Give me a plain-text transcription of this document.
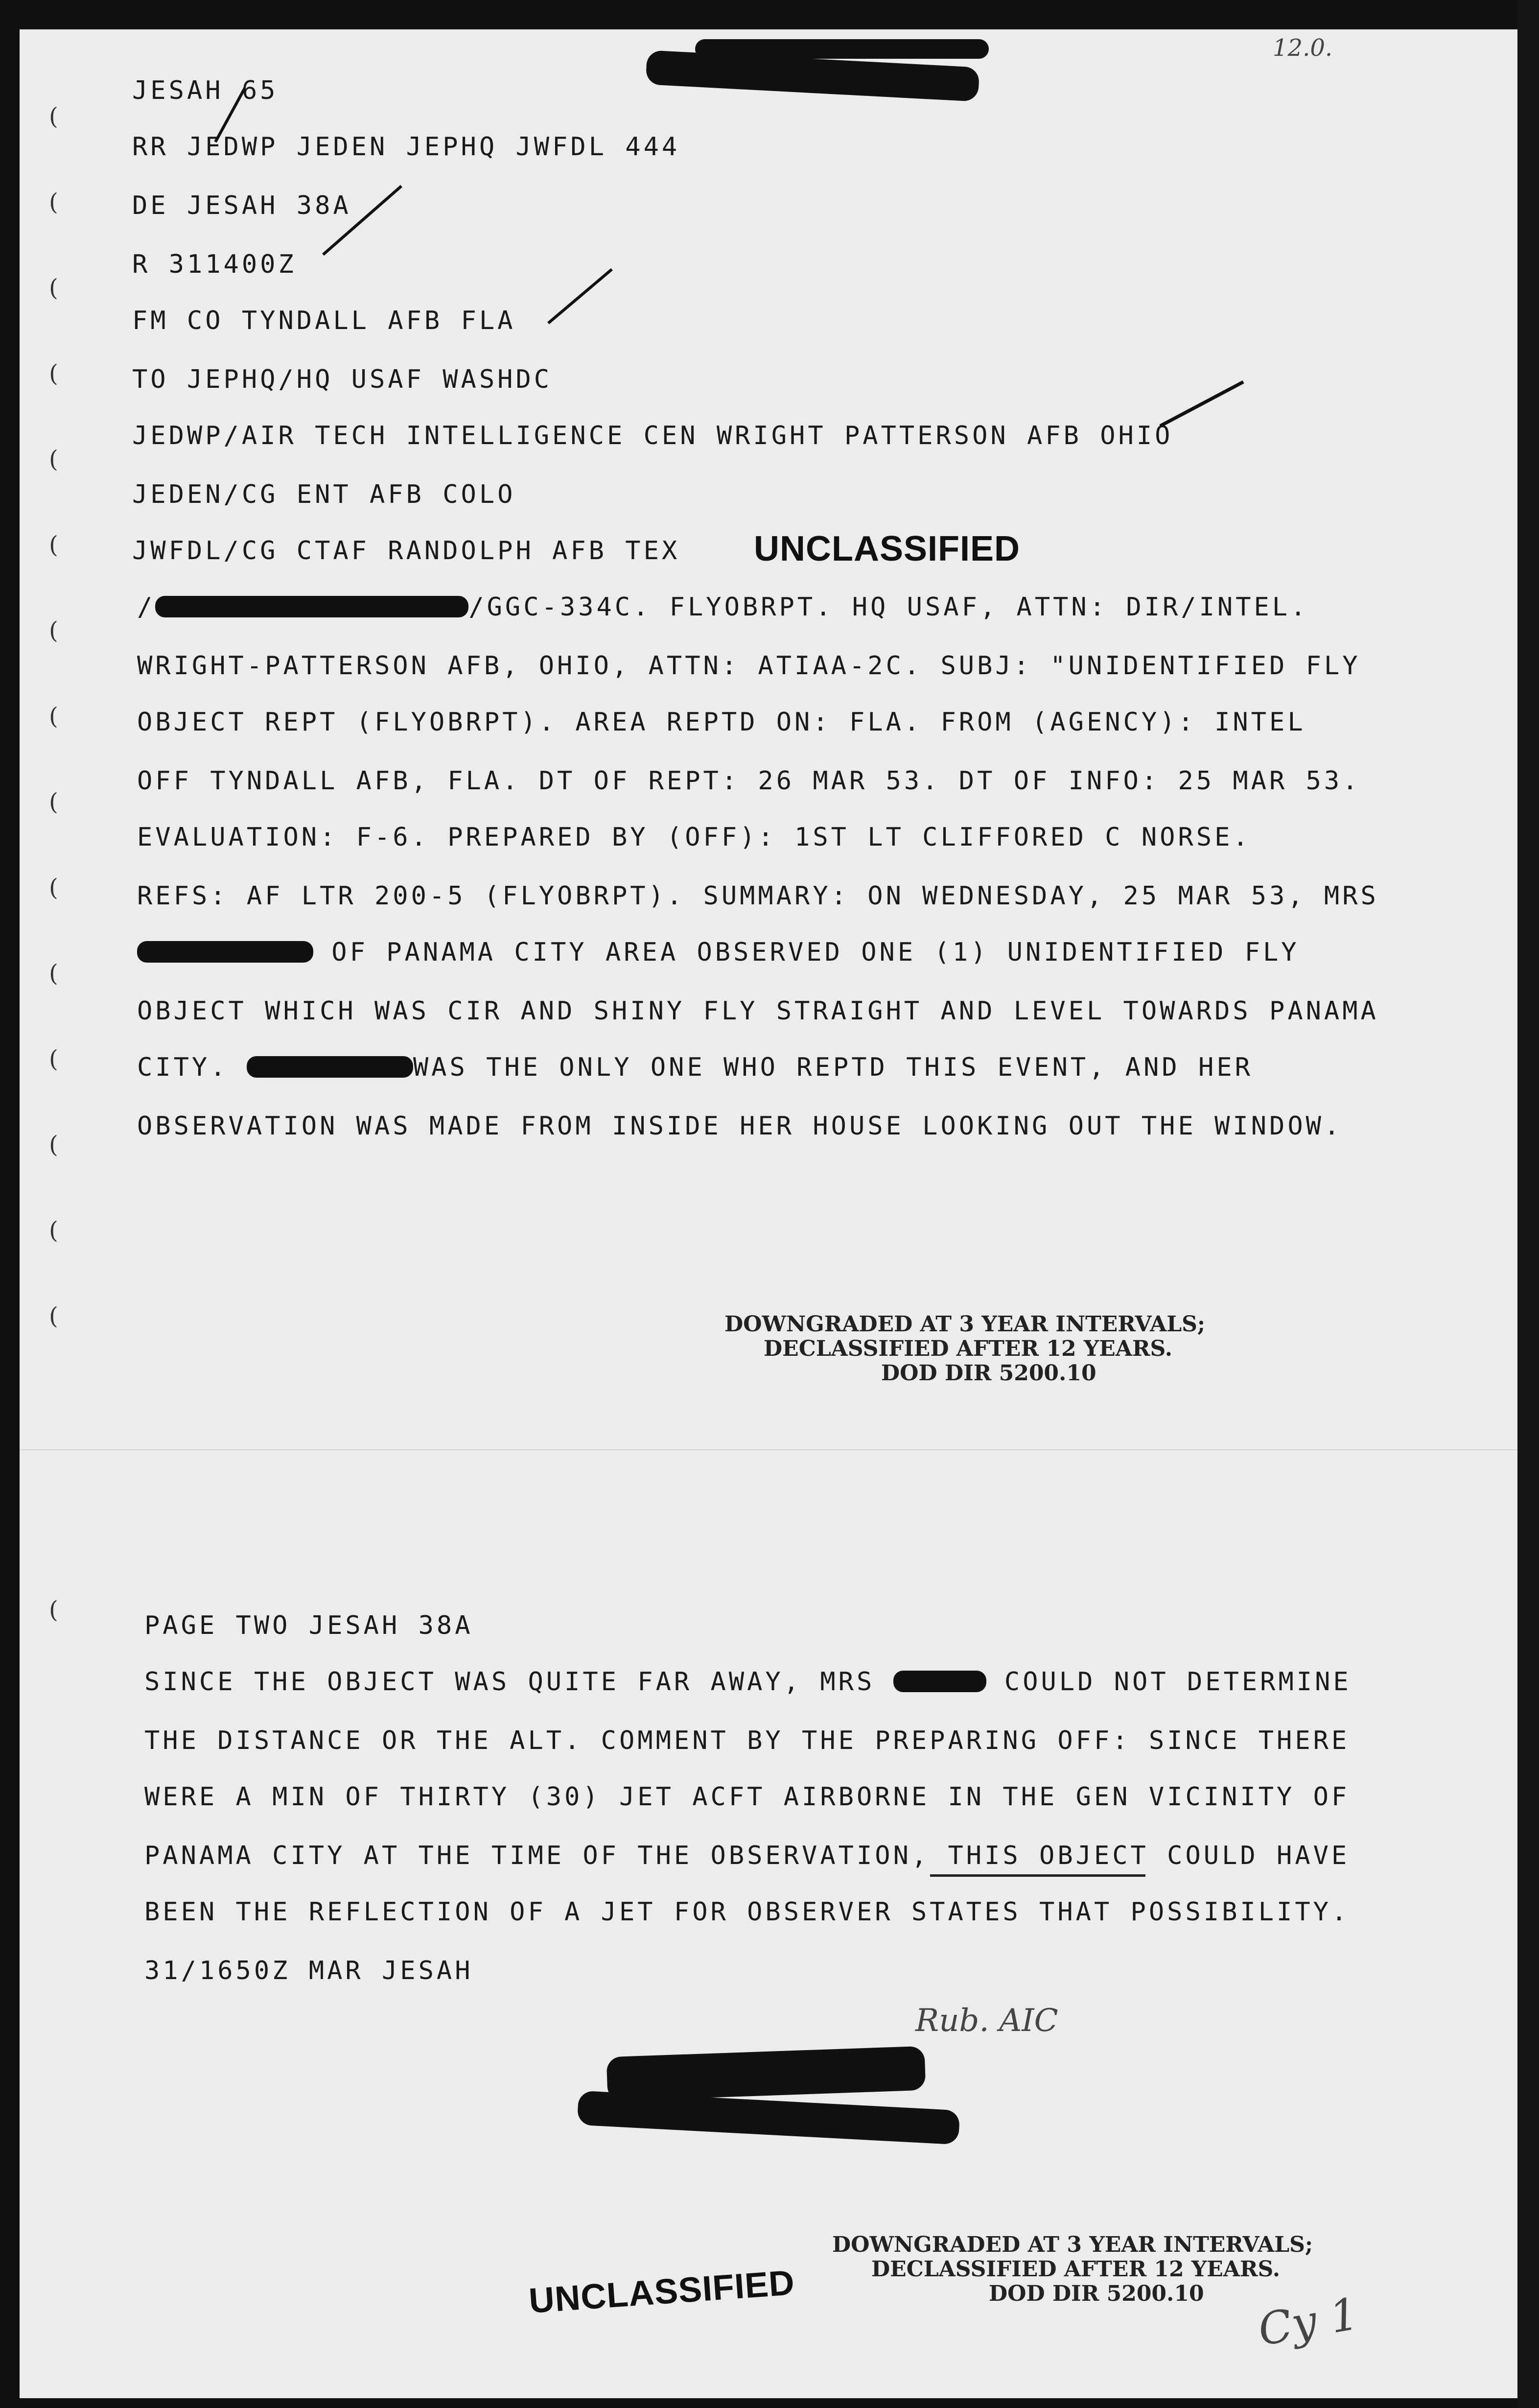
(
(
(
(
(
(
(
(
(
(
(
(
(
(
(
(
12.0.
JESAH 65
RR JEDWP JEDEN JEPHQ JWFDL 444
DE JESAH 38A
R 311400Z
FM CO TYNDALL AFB FLA
TO JEPHQ/HQ USAF WASHDC
JEDWP/AIR TECH INTELLIGENCE CEN WRIGHT PATTERSON AFB OHIO
JEDEN/CG ENT AFB COLO
JWFDL/CG CTAF RANDOLPH AFB TEX UNCLASSIFIED
/	/GGC-334C. FLYOBRPT. HQ USAF, ATTN: DIR/INTEL.
WRIGHT-PATTERSON AFB, OHIO, ATTN: ATIAA-2C. SUBJ: "UNIDENTIFIED FLY
OBJECT REPT (FLYOBRPT). AREA REPTD ON: FLA. FROM (AGENCY): INTEL
OFF TYNDALL AFB, FLA. DT OF REPT: 26 MAR 53. DT OF INFO: 25 MAR 53.
EVALUATION: F-6. PREPARED BY (OFF): 1ST LT CLIFFORED C NORSE.
REFS: AF LTR 200-5 (FLYOBRPT). SUMMARY: ON WEDNESDAY, 25 MAR 53, MRS
OF PANAMA CITY AREA OBSERVED ONE (1) UNIDENTIFIED FLY
OBJECT WHICH WAS CIR AND SHINY FLY STRAIGHT AND LEVEL TOWARDS PANAMA
CITY.	WAS THE ONLY ONE WHO REPTD THIS EVENT, AND HER
OBSERVATION WAS MADE FROM INSIDE HER HOUSE LOOKING OUT THE WINDOW.
DOWNGRADED AT 3 YEAR INTERVALS;
DECLASSIFIED AFTER 12 YEARS.
DOD DIR 5200.10
PAGE TWO JESAH 38A
SINCE THE OBJECT WAS QUITE FAR AWAY, MRS	COULD NOT DETERMINE
THE DISTANCE OR THE ALT. COMMENT BY THE PREPARING OFF: SINCE THERE
WERE A MIN OF THIRTY (30) JET ACFT AIRBORNE IN THE GEN VICINITY OF
PANAMA CITY AT THE TIME OF THE OBSERVATION, THIS OBJECT COULD HAVE
BEEN THE REFLECTION OF A JET FOR OBSERVER STATES THAT POSSIBILITY.
31/1650Z MAR JESAH
Rub. AIC
UNCLASSIFIED
DOWNGRADED AT 3 YEAR INTERVALS;
DECLASSIFIED AFTER 12 YEARS.
DOD DIR 5200.10	Cy 1
